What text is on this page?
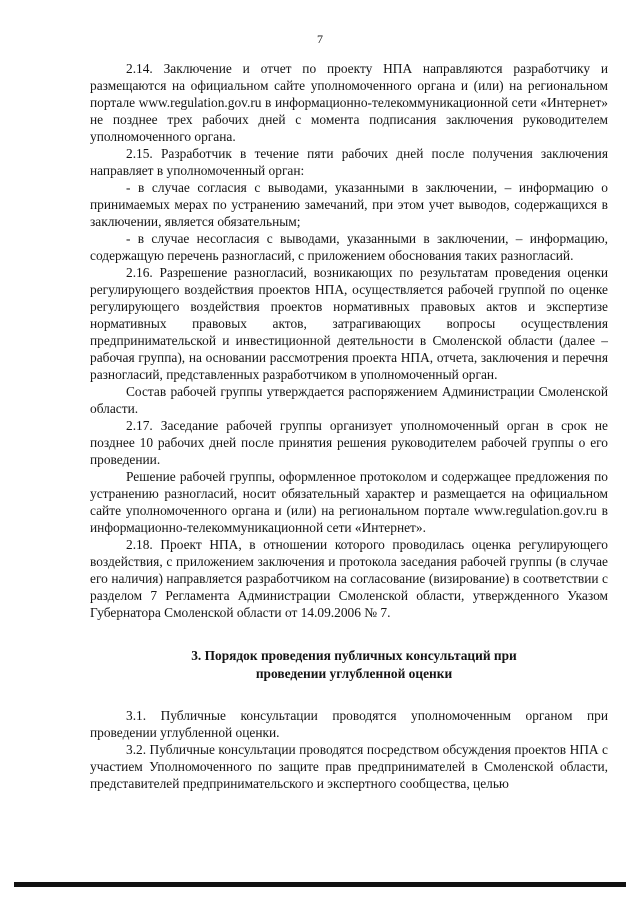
7

2.14. Заключение и отчет по проекту НПА направляются разработчику и размещаются на официальном сайте уполномоченного органа и (или) на региональном портале www.regulation.gov.ru в информационно-телекоммуникационной сети «Интернет» не позднее трех рабочих дней с момента подписания заключения руководителем уполномоченного органа.

2.15. Разработчик в течение пяти рабочих дней после получения заключения направляет в уполномоченный орган:

- в случае согласия с выводами, указанными в заключении, – информацию о принимаемых мерах по устранению замечаний, при этом учет выводов, содержащихся в заключении, является обязательным;

- в случае несогласия с выводами, указанными в заключении, – информацию, содержащую перечень разногласий, с приложением обоснования таких разногласий.

2.16. Разрешение разногласий, возникающих по результатам проведения оценки регулирующего воздействия проектов НПА, осуществляется рабочей группой по оценке регулирующего воздействия проектов нормативных правовых актов и экспертизе нормативных правовых актов, затрагивающих вопросы осуществления предпринимательской и инвестиционной деятельности в Смоленской области (далее – рабочая группа), на основании рассмотрения проекта НПА, отчета, заключения и перечня разногласий, представленных разработчиком в уполномоченный орган.

Состав рабочей группы утверждается распоряжением Администрации Смоленской области.

2.17. Заседание рабочей группы организует уполномоченный орган в срок не позднее 10 рабочих дней после принятия решения руководителем рабочей группы о его проведении.

Решение рабочей группы, оформленное протоколом и содержащее предложения по устранению разногласий, носит обязательный характер и размещается на официальном сайте уполномоченного органа и (или) на региональном портале www.regulation.gov.ru в информационно-телекоммуникационной сети «Интернет».

2.18. Проект НПА, в отношении которого проводилась оценка регулирующего воздействия, с приложением заключения и протокола заседания рабочей группы (в случае его наличия) направляется разработчиком на согласование (визирование) в соответствии с разделом 7 Регламента Администрации Смоленской области, утвержденного Указом Губернатора Смоленской области от 14.09.2006 № 7.

3. Порядок проведения публичных консультаций при
проведении углубленной оценки

3.1. Публичные консультации проводятся уполномоченным органом при проведении углубленной оценки.

3.2. Публичные консультации проводятся посредством обсуждения проектов НПА с участием Уполномоченного по защите прав предпринимателей в Смоленской области, представителей предпринимательского и экспертного сообщества, целью
